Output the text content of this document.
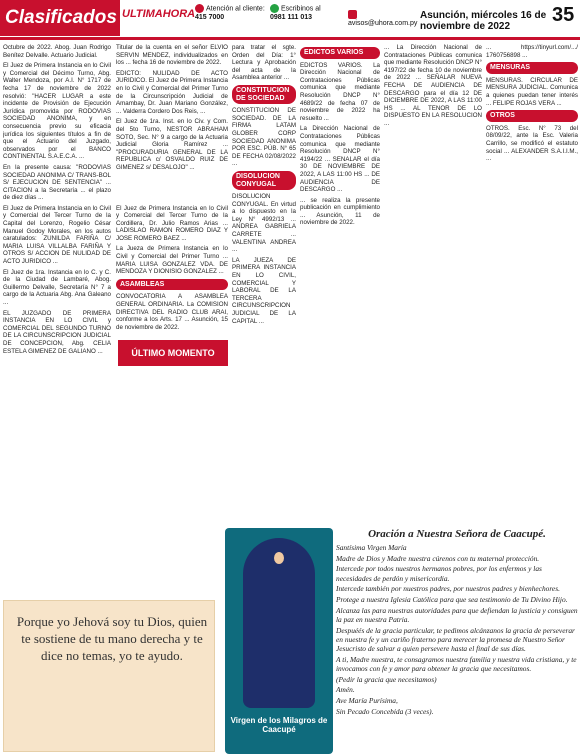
Clasificados ULTIMAHORA	Atención al cliente:
415 7000
Escribinos al
0981 111 013
avisos@uhora.com.py
Asunción, miércoles 16 de noviembre de 2022
35

Octubre de 2022. Abog. Juan Rodrigo Benítez Delvalle. Actuario Judicial.

El Juez de Primera Instancia en lo Civil y Comercial del Décimo Turno, Abg. Walter Mendoza, por A.I. N° 1717 de fecha 17 de noviembre de 2022 resolvió: "HACER LUGAR a este incidente de Provisión de Ejecución Jurídica promovida por RODOVIAS SOCIEDAD ANONIMA, y en consecuencia previo su eficacia jurídica los siguientes títulos a fin de que el Actuario del Juzgado, observados por el BANCO CONTINENTAL S.A.E.C.A. ...

En la presente causa: "RODOVIAS SOCIEDAD ANONIMA C/ TRANS-BOL S/ EJECUCION DE SENTENCIA" ... CITACION a la Secretaría ... el plazo de diez días ...

El Juez de Primera Instancia en lo Civil y Comercial del Tercer Turno de la Capital del Lorenzo, Rogelio César Manuel Godoy Morales, en los autos caratulados: ZUNILDA FARIÑA C/ MARIA LUISA VILLALBA FARIÑA Y OTROS S/ ACCION DE NULIDAD DE ACTO JURIDICO ...

El Juez de 1ra. Instancia en lo C. y C. de la Ciudad de Lambaré, Abog. Guillermo Delvalle, Secretaría N° 7 a cargo de la Actuaria Abg. Ana Galeano ...

EL JUZGADO DE PRIMERA INSTANCIA EN LO CIVIL y COMERCIAL DEL SEGUNDO TURNO DE LA CIRCUNSCRIPCION JUDICIAL DE CONCEPCION, Abg. CELIA ESTELA GIMENEZ DE GALIANO ...

Titular de la cuenta en el señor ELVIO SERVIN MENDEZ, individualizados en los ... fecha 16 de noviembre de 2022.

EDICTO: NULIDAD DE ACTO JURIDICO. El Juez de Primera Instancia en lo Civil y Comercial del Primer Turno de la Circunscripción Judicial de Amambay, Dr. Juan Mariano González, ... Valderra Cordero Dos Reis, ...

El Juez de 1ra. Inst. en lo Civ. y Com. del 5to Turno, NESTOR ABRAHAM SOTO, Sec. N° 9 a cargo de la Actuaria Judicial Gloria Ramírez ... "PROCURADURIA GENERAL DE LA REPUBLICA c/ OSVALDO RUIZ DE GIMENEZ s/ DESALOJO" ...

El Juez de Primera Instancia en lo Civil y Comercial del Tercer Turno de la Cordillera, Dr. Julio Ramos Arias ... LADISLAO RAMON ROMERO DIAZ Y JOSE ROMERO BAEZ ...

La Jueza de Primera Instancia en lo Civil y Comercial del Primer Turno ... MARIA LUISA GONZALEZ VDA. DE MENDOZA Y DIONISIO GONZALEZ ...

ASAMBLEAS

CONVOCATORIA A ASAMBLEA GENERAL ORDINARIA. La COMISION DIRECTIVA DEL RADIO CLUB ARAI, conforme a los Arts. 17 ... Asunción, 15 de noviembre de 2022.

ÚLTIMO MOMENTO

para tratar el sgte. Orden del Día: 1° Lectura y Aprobación del acta de la Asamblea anterior ...

CONSTITUCION DE SOCIEDAD

CONSTITUCION DE SOCIEDAD. DE LA FIRMA LATAM GLOBER CORP SOCIEDAD ANONIMA POR ESC. PÚB. N° 65 DE FECHA 02/08/2022 ...

DISOLUCION CONYUGAL

DISOLUCION CONYUGAL. En virtud a lo dispuesto en la Ley N° 4992/13 ... ANDREA GABRIELA CARRETE ... VALENTINA ANDREA ...

LA JUEZA DE PRIMERA INSTANCIA EN LO CIVIL, COMERCIAL Y LABORAL DE LA TERCERA CIRCUNSCRIPCION JUDICIAL DE LA CAPITAL ...

EDICTOS VARIOS

EDICTOS VARIOS. La Dirección Nacional de Contrataciones Públicas comunica que mediante Resolución DNCP N° 4689/22 de fecha 07 de noviembre de 2022 ha resuelto ...

La Dirección Nacional de Contrataciones Públicas comunica que mediante Resolución DNCP N° 4194/22 ... SENALAR el día 30 DE NOVIEMBRE DE 2022, A LAS 11:00 HS ... DE AUDIENCIA DE DESCARGO ...

... se realiza la presente publicación en cumplimiento ... Asunción, 11 de noviembre de 2022.

... La Dirección Nacional de Contrataciones Públicas comunica que mediante Resolución DNCP N° 4197/22 de fecha 10 de noviembre de 2022 ... SEÑALAR NUEVA FECHA DE AUDIENCIA DE DESCARGO para el día 12 DE DICIEMBRE DE 2022, A LAS 11:00 HS ... AL TENOR DE LO DISPUESTO EN LA RESOLUCION ...

... https://tinyurl.com/.../ 1760756898 ...

MENSURAS

MENSURAS. CIRCULAR DE MENSURA JUDICIAL. Comunica a quienes puedan tener interés ... FELIPE ROJAS VERA ...

OTROS

OTROS. Esc. N° 73 del 08/09/22, ante la Esc. Valeria Carrillo, se modificó el estatuto social ... ALEXANDER S.A.I.I.M., ...

Porque yo Jehová soy tu Dios, quien te sostiene de tu mano derecha y te dice no temas, yo te ayudo.
Virgen de los Milagros de Caacupé
Oración a Nuestra Señora de Caacupé.

Santísima Virgen María

Madre de Dios y Madre nuestra cúrenos con tu maternal protección.

Intercede por todos nuestros hermanos pobres, por los enfermos y las necesidades de perdón y misericordia.

Intercede también por nuestros padres, por nuestros padres y bienhechores.

Protege a nuestra Iglesia Católica para que sea testimonio de Tu Divino Hijo.

Alcanza las para nuestras autoridades para que defiendan la justicia y consiguen la paz en nuestra Patria.

Despuéés de la gracia particular, te pedimos alcánzanos la gracia de perseverar en nuestra fe y un cariño fraterno para merecer la promesa de Nuestro Señor Jesucristo de salvar a quien persevere hasta el final de sus días.

A ti, Madre nuestra, te consagramos nuestra familia y nuestra vida cristiana, y te invocamos con fe y amor para obtener la gracia que necesitamos.

(Pedir la gracia que necesitamos)

Amén.

Ave María Purísima,

Sin Pecado Concebida (3 veces).
